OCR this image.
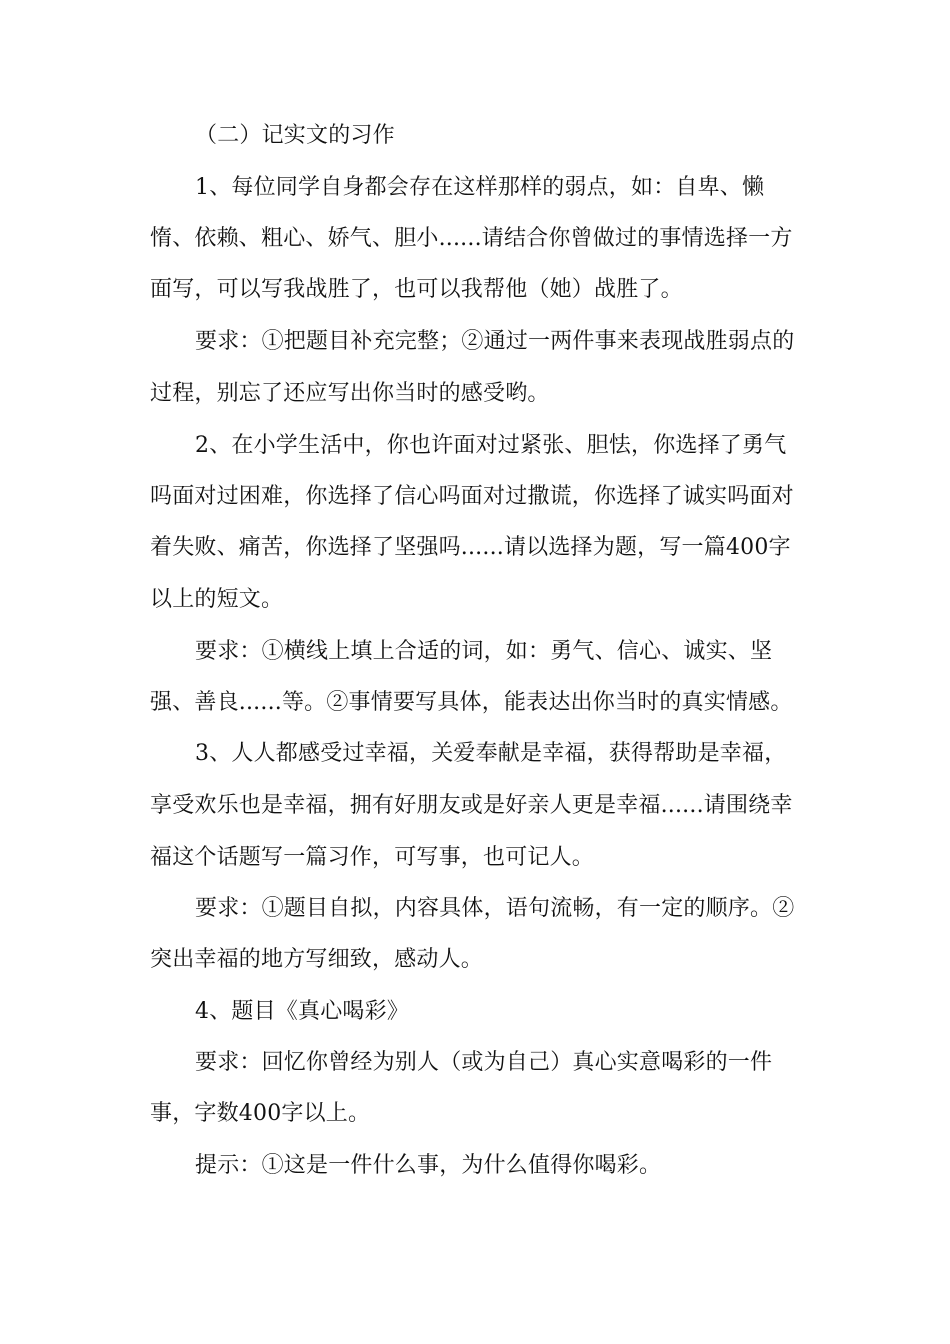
（二）记实文的习作
1、每位同学自身都会存在这样那样的弱点，如：自卑、懒
惰、依赖、粗心、娇气、胆小......请结合你曾做过的事情选择一方
面写，可以写我战胜了，也可以我帮他（她）战胜了。
要求：①把题目补充完整；②通过一两件事来表现战胜弱点的
过程，别忘了还应写出你当时的感受哟。
2、在小学生活中，你也许面对过紧张、胆怯，你选择了勇气
吗面对过困难，你选择了信心吗面对过撒谎，你选择了诚实吗面对
着失败、痛苦，你选择了坚强吗......请以选择为题，写一篇400字
以上的短文。
要求：①横线上填上合适的词，如：勇气、信心、诚实、坚
强、善良......等。②事情要写具体，能表达出你当时的真实情感。
3、人人都感受过幸福，关爱奉献是幸福，获得帮助是幸福，
享受欢乐也是幸福，拥有好朋友或是好亲人更是幸福......请围绕幸
福这个话题写一篇习作，可写事，也可记人。
要求：①题目自拟，内容具体，语句流畅，有一定的顺序。②
突出幸福的地方写细致，感动人。
4、题目《真心喝彩》
要求：回忆你曾经为别人（或为自己）真心实意喝彩的一件
事，字数400字以上。
提示：①这是一件什么事，为什么值得你喝彩。
